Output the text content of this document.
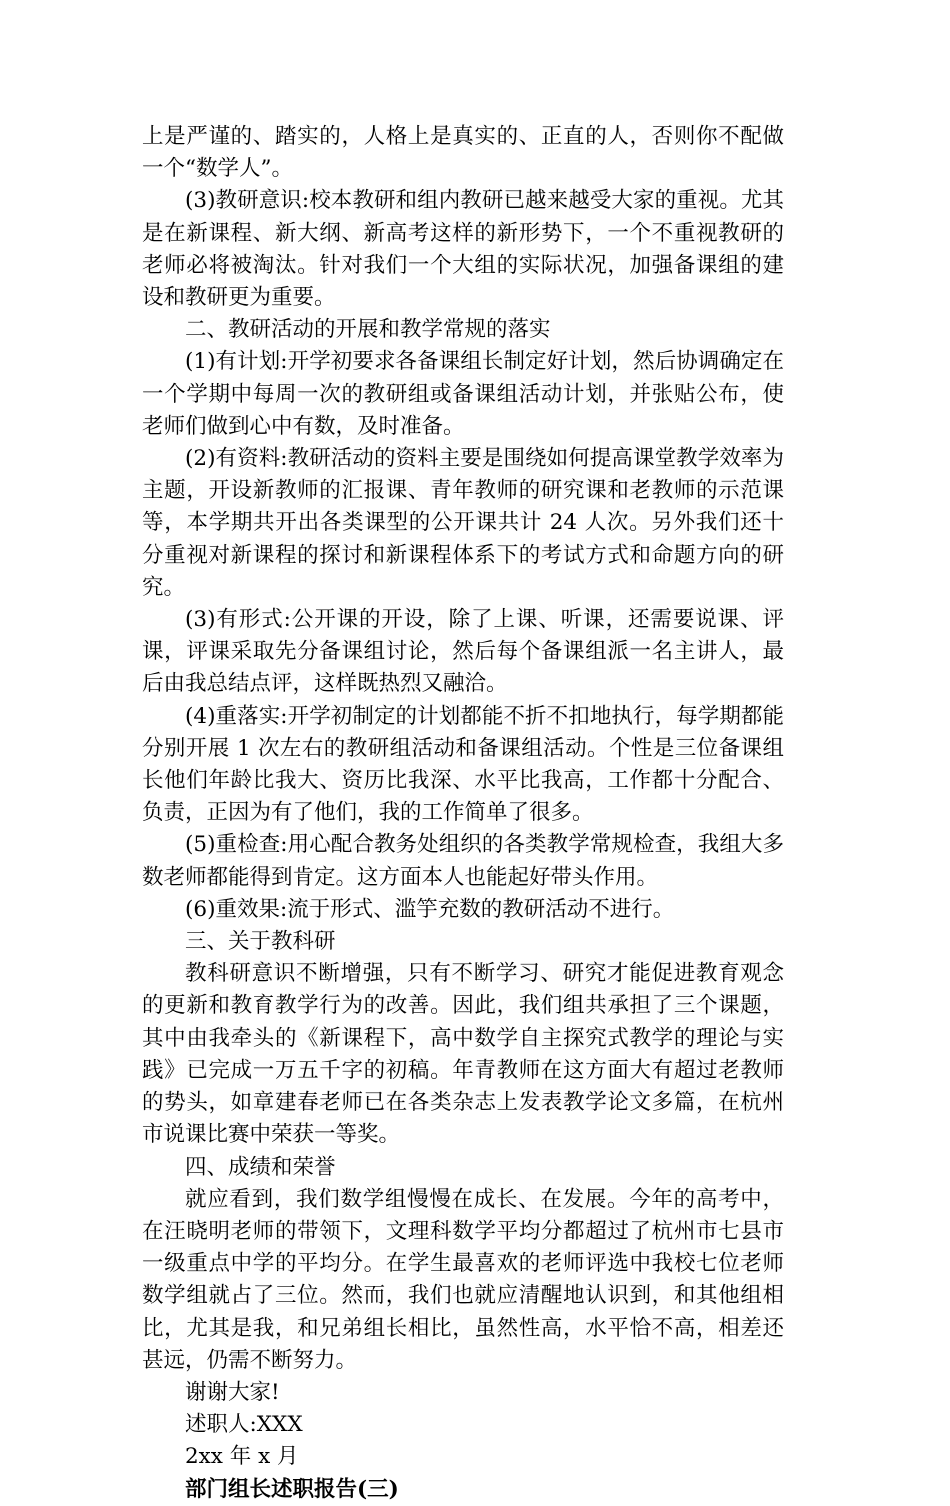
上是严谨的、踏实的，人格上是真实的、正直的人，否则你不配做一个“数学人”。

(3)教研意识:校本教研和组内教研已越来越受大家的重视。尤其是在新课程、新大纲、新高考这样的新形势下，一个不重视教研的老师必将被淘汰。针对我们一个大组的实际状况，加强备课组的建设和教研更为重要。

二、教研活动的开展和教学常规的落实

(1)有计划:开学初要求各备课组长制定好计划，然后协调确定在一个学期中每周一次的教研组或备课组活动计划，并张贴公布，使老师们做到心中有数，及时准备。

(2)有资料:教研活动的资料主要是围绕如何提高课堂教学效率为主题，开设新教师的汇报课、青年教师的研究课和老教师的示范课等，本学期共开出各类课型的公开课共计 24 人次。另外我们还十分重视对新课程的探讨和新课程体系下的考试方式和命题方向的研究。

(3)有形式:公开课的开设，除了上课、听课，还需要说课、评课，评课采取先分备课组讨论，然后每个备课组派一名主讲人，最后由我总结点评，这样既热烈又融洽。

(4)重落实:开学初制定的计划都能不折不扣地执行，每学期都能分别开展 1 次左右的教研组活动和备课组活动。个性是三位备课组长他们年龄比我大、资历比我深、水平比我高，工作都十分配合、负责，正因为有了他们，我的工作简单了很多。

(5)重检查:用心配合教务处组织的各类教学常规检查，我组大多数老师都能得到肯定。这方面本人也能起好带头作用。

(6)重效果:流于形式、滥竽充数的教研活动不进行。

三、关于教科研

教科研意识不断增强，只有不断学习、研究才能促进教育观念的更新和教育教学行为的改善。因此，我们组共承担了三个课题，其中由我牵头的《新课程下，高中数学自主探究式教学的理论与实践》已完成一万五千字的初稿。年青教师在这方面大有超过老教师的势头，如章建春老师已在各类杂志上发表教学论文多篇，在杭州市说课比赛中荣获一等奖。

四、成绩和荣誉

就应看到，我们数学组慢慢在成长、在发展。今年的高考中，在汪晓明老师的带领下，文理科数学平均分都超过了杭州市七县市一级重点中学的平均分。在学生最喜欢的老师评选中我校七位老师数学组就占了三位。然而，我们也就应清醒地认识到，和其他组相比，尤其是我，和兄弟组长相比，虽然性高，水平恰不高，相差还甚远，仍需不断努力。

谢谢大家!

述职人:XXX

2xx 年 x 月

部门组长述职报告(三)
